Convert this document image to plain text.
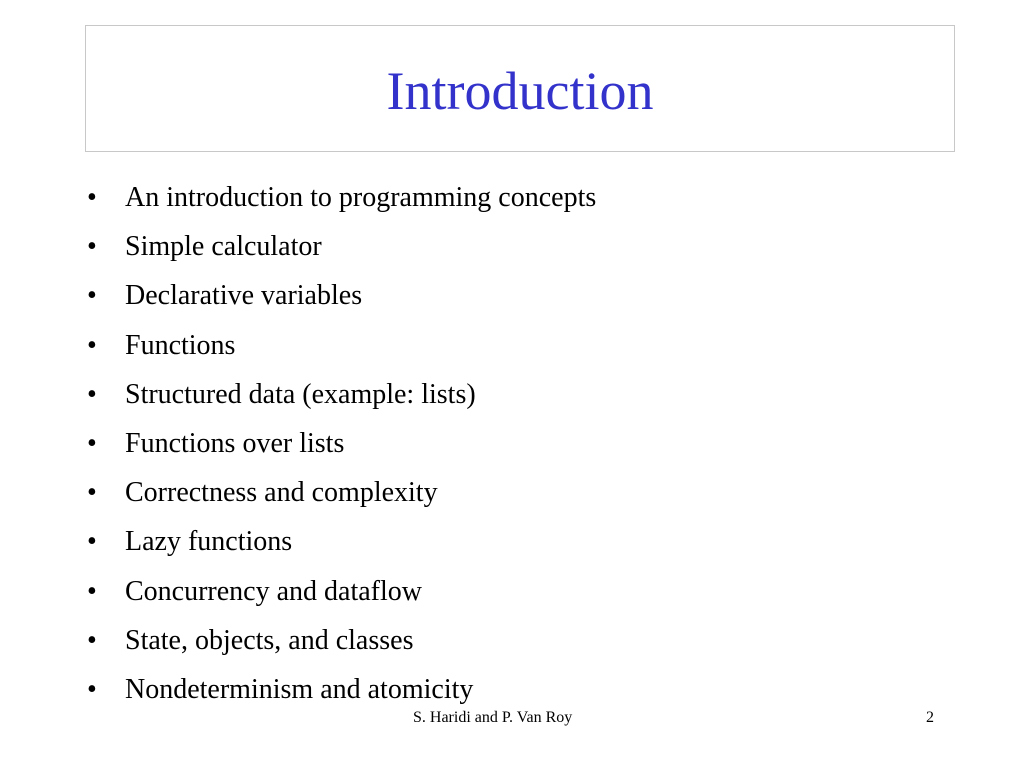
Introduction
•	An introduction to programming concepts
•	Simple calculator
•	Declarative variables
•	Functions
•	Structured data (example: lists)
•	Functions over lists
•	Correctness and complexity
•	Lazy functions
•	Concurrency and dataflow
•	State, objects, and classes
•	Nondeterminism and atomicity
S. Haridi and P. Van Roy	2
